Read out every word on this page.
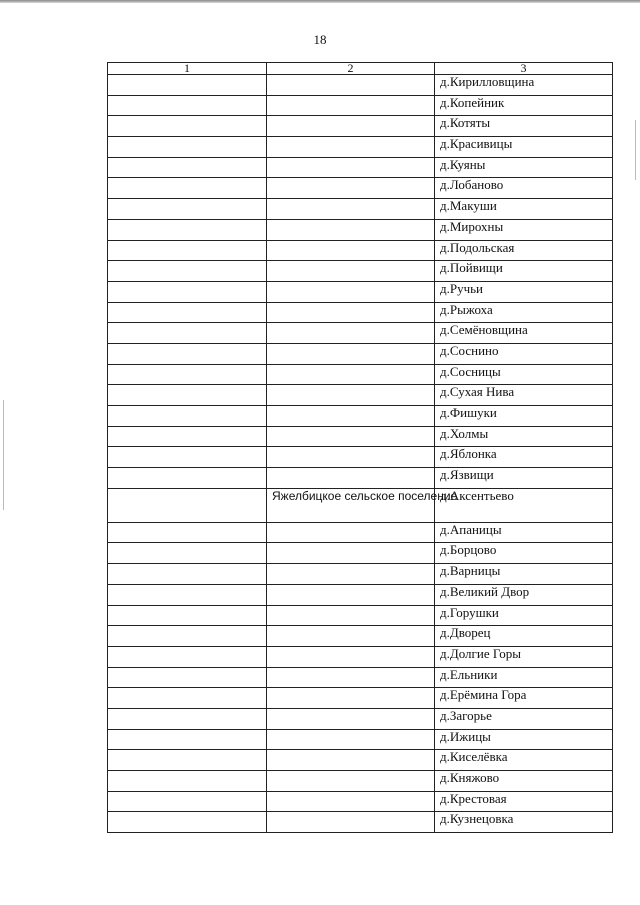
18
1	2	3
		д.Кирилловщина
		д.Копейник
		д.Котяты
		д.Красивицы
		д.Куяны
		д.Лобаново
		д.Макуши
		д.Мирохны
		д.Подольская
		д.Пойвищи
		д.Ручьи
		д.Рыжоха
		д.Семёновщина
		д.Соснино
		д.Сосницы
		д.Сухая Нива
		д.Фишуки
		д.Холмы
		д.Яблонка
		д.Язвищи
	Яжелбицкое сельское поселение	д.Аксентьево
		д.Апаницы
		д.Борцово
		д.Варницы
		д.Великий Двор
		д.Горушки
		д.Дворец
		д.Долгие Горы
		д.Ельники
		д.Ерёмина Гора
		д.Загорье
		д.Ижицы
		д.Киселёвка
		д.Княжово
		д.Крестовая
		д.Кузнецовка
